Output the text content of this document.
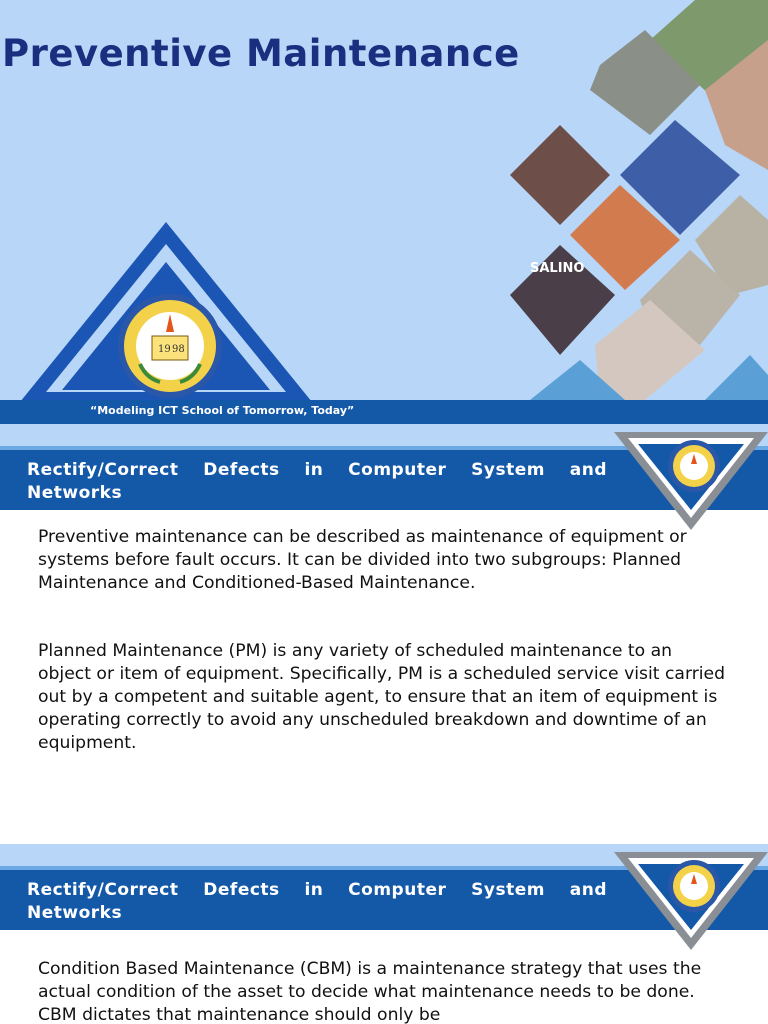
SALINO
19 98
“Modeling ICT School of Tomorrow, Today”
Preventive Maintenance
Rectify/Correct Defects in Computer System and Networks

Preventive maintenance can be described as maintenance of equipment or systems before fault occurs. It can be divided into two subgroups: Planned Maintenance and Conditioned-Based Maintenance.

Planned Maintenance (PM) is any variety of scheduled maintenance to an object or item of equipment. Specifically, PM is a scheduled service visit carried out by a competent and suitable agent, to ensure that an item of equipment is operating correctly to avoid any unscheduled breakdown and downtime of an equipment.

Rectify/Correct Defects in Computer System and Networks

Condition Based Maintenance (CBM) is a maintenance strategy that uses the actual condition of the asset to decide what maintenance needs to be done. CBM dictates that maintenance should only be
